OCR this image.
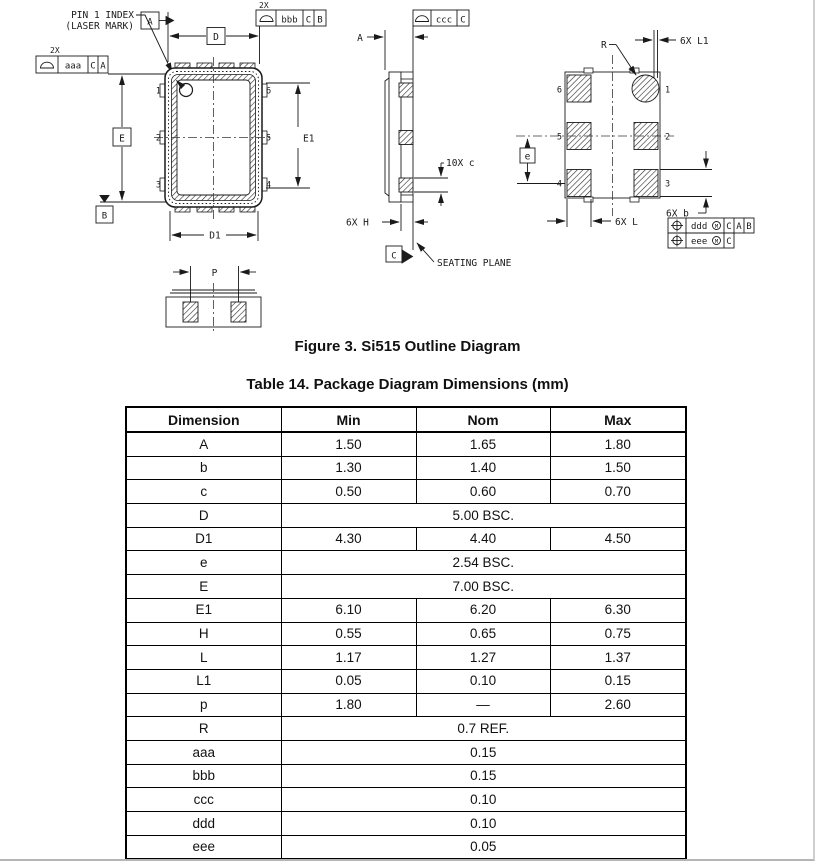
PIN 1 INDEX
(LASER MARK) A
D
2X
bbb C B
2X
aaa C A
E
B
1
2
3
6
5
4
D1
E1
A
ccc C
10X c
6X H
C
SEATING PLANE
6
5
4
1
2
3
R	6X L1
e
6X b
6X L	ddd M C A B
eee M C
P
Figure 3. Si515 Outline Diagram
Table 14. Package Diagram Dimensions (mm)
Dimension	Min	Nom	Max
A	1.50	1.65	1.80
b	1.30	1.40	1.50
c	0.50	0.60	0.70
D	5.00 BSC.		
D1	4.30	4.40	4.50
e	2.54 BSC.		
E	7.00 BSC.		
E1	6.10	6.20	6.30
H	0.55	0.65	0.75
L	1.17	1.27	1.37
L1	0.05	0.10	0.15
p	1.80	—	2.60
R	0.7 REF.		
aaa	0.15		
bbb	0.15		
ccc	0.10		
ddd	0.10		
eee	0.05		
